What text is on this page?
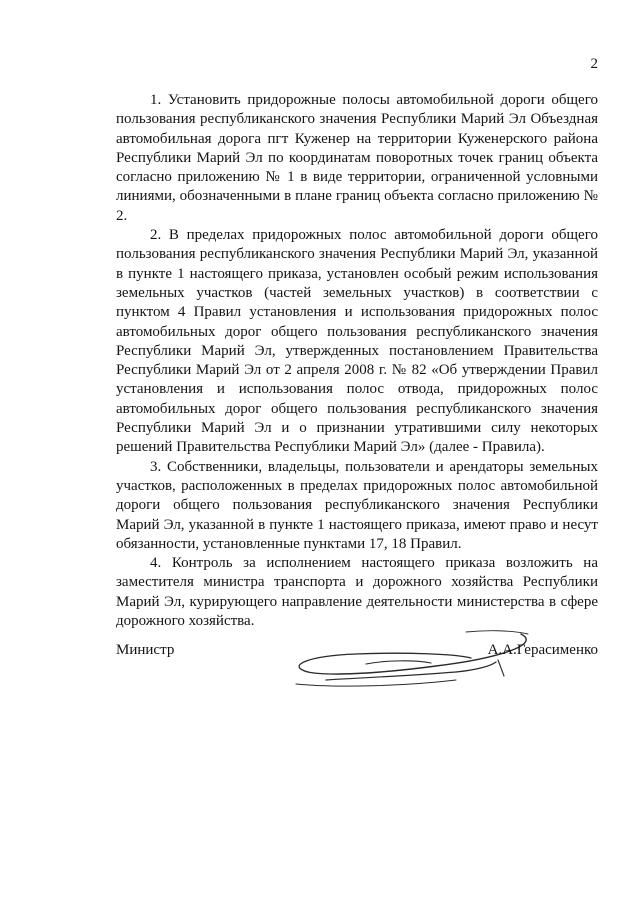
2

1. Установить придорожные полосы автомобильной дороги общего пользования республиканского значения Республики Марий Эл Объездная автомобильная дорога пгт Куженер на территории Куженерского района Республики Марий Эл по координатам поворотных точек границ объекта согласно приложению № 1 в виде территории, ограниченной условными линиями, обозначенными в плане границ объекта согласно приложению № 2.

2. В пределах придорожных полос автомобильной дороги общего пользования республиканского значения Республики Марий Эл, указанной в пункте 1 настоящего приказа, установлен особый режим использования земельных участков (частей земельных участков) в соответствии с пунктом 4 Правил установления и использования придорожных полос автомобильных дорог общего пользования республиканского значения Республики Марий Эл, утвержденных постановлением Правительства Республики Марий Эл от 2 апреля 2008 г. № 82 «Об утверждении Правил установления и использования полос отвода, придорожных полос автомобильных дорог общего пользования республиканского значения Республики Марий Эл и о признании утратившими силу некоторых решений Правительства Республики Марий Эл» (далее - Правила).

3. Собственники, владельцы, пользователи и арендаторы земельных участков, расположенных в пределах придорожных полос автомобильной дороги общего пользования республиканского значения Республики Марий Эл, указанной в пункте 1 настоящего приказа, имеют право и несут обязанности, установленные пунктами 17, 18 Правил.

4. Контроль за исполнением настоящего приказа возложить на заместителя министра транспорта и дорожного хозяйства Республики Марий Эл, курирующего направление деятельности министерства в сфере дорожного хозяйства.

Министр	А.А.Герасименко
